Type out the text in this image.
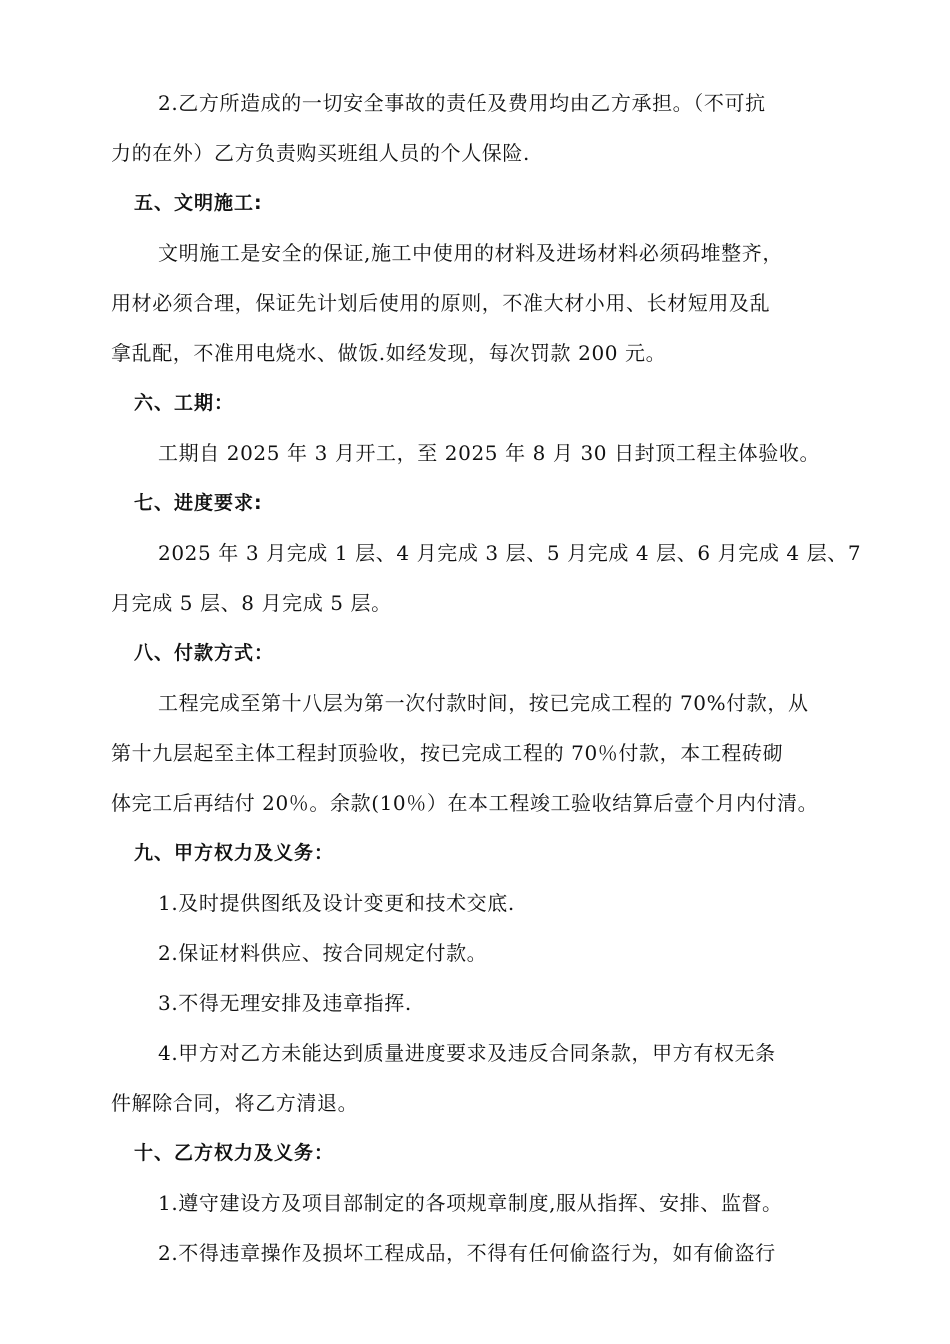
2.乙方所造成的一切安全事故的责任及费用均由乙方承担。（不可抗
力的在外）乙方负责购买班组人员的个人保险.
五、文明施工:
文明施工是安全的保证,施工中使用的材料及进场材料必须码堆整齐，
用材必须合理，保证先计划后使用的原则，不准大材小用、长材短用及乱
拿乱配，不准用电烧水、做饭.如经发现，每次罚款 200 元。
六、工期：
工期自 2025 年 3 月开工，至 2025 年 8 月 30 日封顶工程主体验收。
七、进度要求:
2025 年 3 月完成 1 层、4 月完成 3 层、5 月完成 4 层、6 月完成 4 层、7
月完成 5 层、8 月完成 5 层。
八、付款方式：
工程完成至第十八层为第一次付款时间，按已完成工程的 70%付款，从
第十九层起至主体工程封顶验收，按已完成工程的 70％付款，本工程砖砌
体完工后再结付 20％。余款(10％）在本工程竣工验收结算后壹个月内付清。
九、甲方权力及义务：
1.及时提供图纸及设计变更和技术交底.
2.保证材料供应、按合同规定付款。
3.不得无理安排及违章指挥.
4.甲方对乙方未能达到质量进度要求及违反合同条款，甲方有权无条
件解除合同，将乙方清退。
十、乙方权力及义务：
1.遵守建设方及项目部制定的各项规章制度,服从指挥、安排、监督。
2.不得违章操作及损坏工程成品，不得有任何偷盗行为，如有偷盗行
